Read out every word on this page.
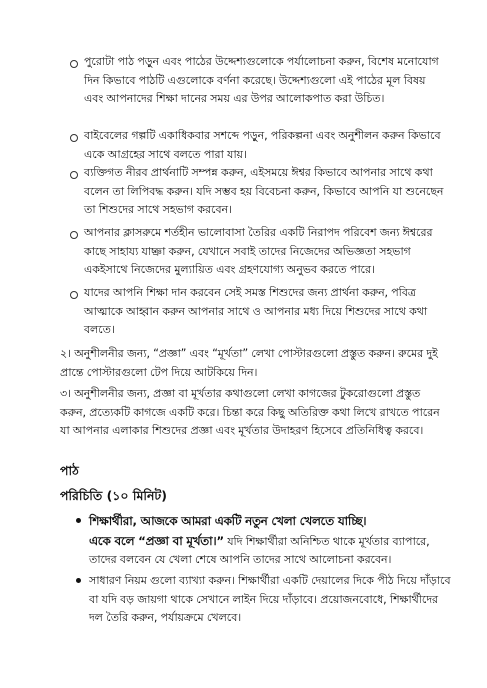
পুরোটা পাঠ পড়ুন এবং পাঠের উদ্দেশ্যগুলোকে পর্যালোচনা করুন, বিশেষ মনোযোগ দিন কিভাবে পাঠটি এগুলোকে বর্ণনা করেছে। উদ্দেশ্যগুলো এই পাঠের মূল বিষয় এবং আপনাদের শিক্ষা দানের সময় এর উপর আলোকপাত করা উচিত।
বাইবেলের গল্পটি একাধিকবার সশব্দে পড়ুন, পরিকল্পনা এবং অনুশীলন করুন কিভাবে একে আগ্রহের সাথে বলতে পারা যায়।
ব্যক্তিগত নীরব প্রার্থনাটি সম্পন্ন করুন, এইসময়ে ঈশ্বর কিভাবে আপনার সাথে কথা বলেন তা লিপিবদ্ধ করুন। যদি সম্ভব হয় বিবেচনা করুন, কিভাবে আপনি যা শুনেছেন তা শিশুদের সাথে সহভাগ করবেন।
আপনার ক্লাসরুমে শর্তহীন ভালোবাসা তৈরির একটি নিরাপদ পরিবেশ জন্য ঈশ্বরের কাছে সাহায্য যাচ্ঞা করুন, যেখানে সবাই তাদের নিজেদের অভিজ্ঞতা সহভাগ একইসাথে নিজেদের মুল্যায়িত এবং গ্রহণযোগ্য অনুভব করতে পারে।
যাদের আপনি শিক্ষা দান করবেন সেই সমস্ত শিশুদের জন্য প্রার্থনা করুন, পবিত্র আত্মাকে আহ্বান করুন আপনার সাথে ও আপনার মধ্য দিয়ে শিশুদের সাথে কথা বলতে।
২। অনুশীলনীর জন্য, “প্রজ্ঞা” এবং “মূর্খতা” লেখা পোস্টারগুলো প্রস্তুত করুন। রুমের দুই প্রান্তে পোস্টারগুলো টেপ দিয়ে আটকিয়ে দিন।
৩। অনুশীলনীর জন্য, প্রজ্ঞা বা মূর্খতার কথাগুলো লেখা কাগজের টুকরোগুলো প্রস্তুত করুন, প্রত্যেকটি কাগজে একটি করে। চিন্তা করে কিছু অতিরিক্ত কথা লিখে রাখতে পারেন যা আপনার এলাকার শিশুদের প্রজ্ঞা এবং মূর্খতার উদাহরণ হিসেবে প্রতিনিধিত্ব করবে।
পাঠ
পরিচিতি (১০ মিনিট)
শিক্ষার্থীরা, আজকে আমরা একটি নতুন খেলা খেলতে যাচ্ছি।
একে বলে “প্রজ্ঞা বা মূর্খতা।” যদি শিক্ষার্থীরা অনিশ্চিত থাকে মূর্খতার ব্যাপারে, তাদের বলবেন যে খেলা শেষে আপনি তাদের সাথে আলোচনা করবেন।
সাধারণ নিয়ম গুলো ব্যাখ্যা করুন। শিক্ষার্থীরা একটি দেয়ালের দিকে পীঠ দিয়ে দাঁড়াবে বা যদি বড় জায়গা থাকে সেখানে লাইন দিয়ে দাঁড়াবে। প্রয়োজনবোধে, শিক্ষার্থীদের দল তৈরি করুন, পর্যায়ক্রমে খেলবে।
